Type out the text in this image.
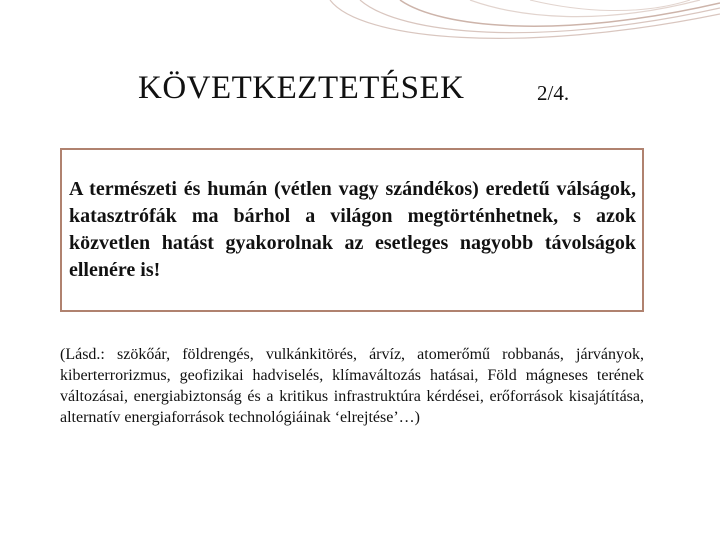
KÖVETKEZTETÉSEK	2/4.
A természeti és humán (vétlen vagy szándékos) eredetű válságok, katasztrófák ma bárhol a világon megtörténhetnek, s azok közvetlen hatást gyakorolnak az esetleges nagyobb távolságok ellenére is!
(Lásd.: szökőár, földrengés, vulkánkitörés, árvíz, atomerőmű robbanás, járványok, kiberterrorizmus, geofizikai hadviselés, klímaváltozás hatásai, Föld mágneses terének változásai, energiabiztonság és a kritikus infrastruktúra kérdései, erőforrások kisajátítása, alternatív energiaforrások technológiáinak ‘elrejtése’…)
